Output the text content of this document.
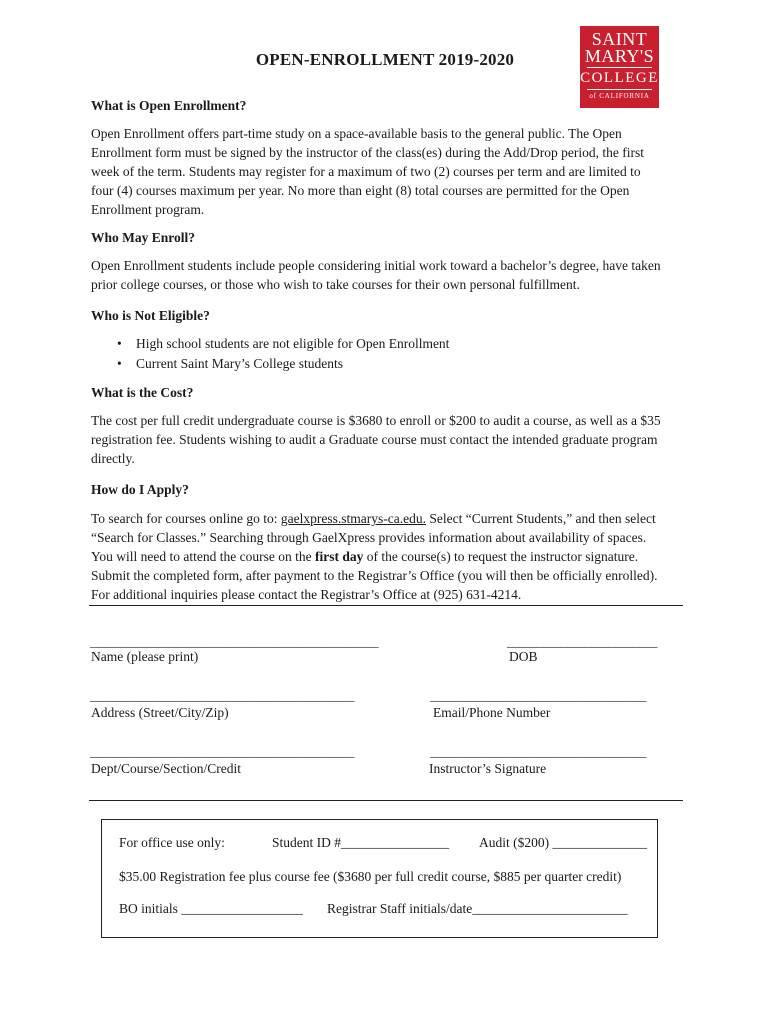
OPEN-ENROLLMENT 2019-2020
SAINT
MARY'S
COLLEGE
of CALIFORNIA
What is Open Enrollment?
Open Enrollment offers part-time study on a space-available basis to the general public. The Open
Enrollment form must be signed by the instructor of the class(es) during the Add/Drop period, the first
week of the term. Students may register for a maximum of two (2) courses per term and are limited to
four (4) courses maximum per year. No more than eight (8) total courses are permitted for the Open
Enrollment program.
Who May Enroll?
Open Enrollment students include people considering initial work toward a bachelor’s degree, have taken
prior college courses, or those who wish to take courses for their own personal fulfillment.
Who is Not Eligible?
• High school students are not eligible for Open Enrollment
• Current Saint Mary’s College students
What is the Cost?
The cost per full credit undergraduate course is $3680 to enroll or $200 to audit a course, as well as a $35
registration fee. Students wishing to audit a Graduate course must contact the intended graduate program
directly.
How do I Apply?
To search for courses online go to: gaelxpress.stmarys-ca.edu. Select “Current Students,” and then select
“Search for Classes.” Searching through GaelXpress provides information about availability of spaces.
You will need to attend the course on the first day of the course(s) to request the instructor signature.
Submit the completed form, after payment to the Registrar’s Office (you will then be officially enrolled).
For additional inquiries please contact the Registrar’s Office at (925) 631-4214.
________________________________________________
Name (please print)
_________________________
DOB
____________________________________________
Address (Street/City/Zip)
____________________________________
Email/Phone Number
____________________________________________
Dept/Course/Section/Credit
____________________________________
Instructor’s Signature
For office use only:	Student ID #________________ Audit ($200) ______________
$35.00 Registration fee plus course fee ($3680 per full credit course, $885 per quarter credit)
BO initials __________________ Registrar Staff initials/date_______________________
